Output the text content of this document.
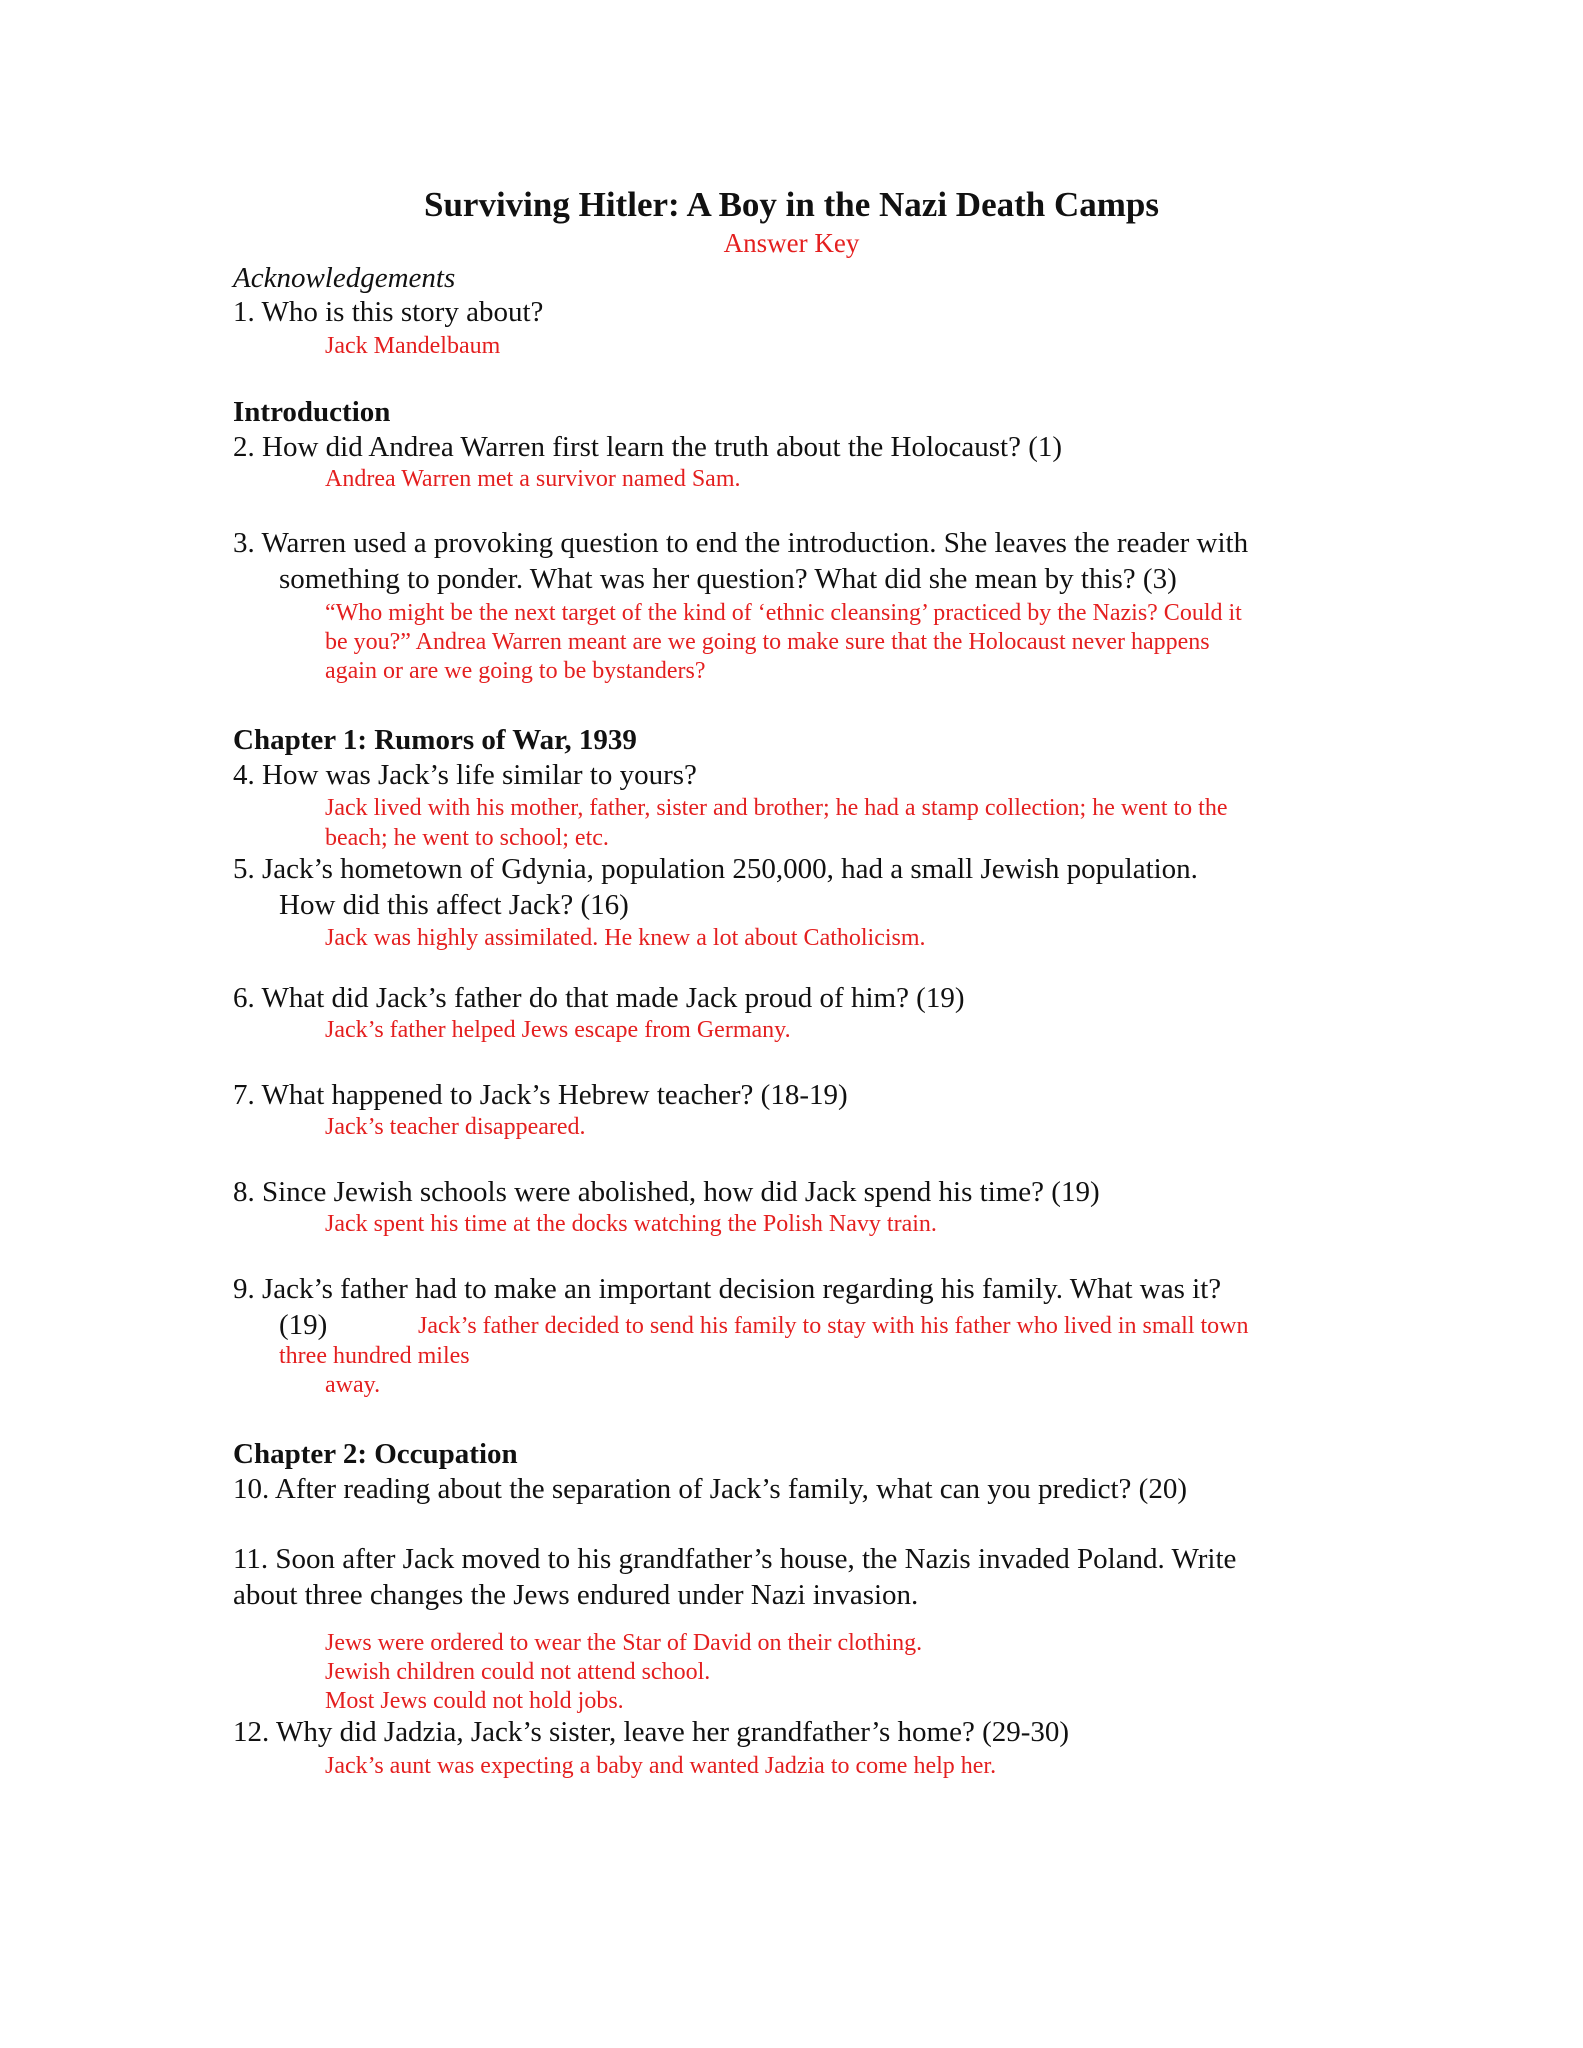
Surviving Hitler: A Boy in the Nazi Death Camps
Answer Key
Acknowledgements
1. Who is this story about?
Jack Mandelbaum
Introduction
2. How did Andrea Warren first learn the truth about the Holocaust? (1)
Andrea Warren met a survivor named Sam.
3. Warren used a provoking question to end the introduction. She leaves the reader with
something to ponder. What was her question? What did she mean by this? (3)
“Who might be the next target of the kind of ‘ethnic cleansing’ practiced by the Nazis? Could it
be you?” Andrea Warren meant are we going to make sure that the Holocaust never happens
again or are we going to be bystanders?
Chapter 1: Rumors of War, 1939
4. How was Jack’s life similar to yours?
Jack lived with his mother, father, sister and brother; he had a stamp collection; he went to the
beach; he went to school; etc.
5. Jack’s hometown of Gdynia, population 250,000, had a small Jewish population.
How did this affect Jack? (16)
Jack was highly assimilated. He knew a lot about Catholicism.
6. What did Jack’s father do that made Jack proud of him? (19)
Jack’s father helped Jews escape from Germany.
7. What happened to Jack’s Hebrew teacher? (18-19)
Jack’s teacher disappeared.
8. Since Jewish schools were abolished, how did Jack spend his time? (19)
Jack spent his time at the docks watching the Polish Navy train.
9. Jack’s father had to make an important decision regarding his family. What was it?
(19)	Jack’s father decided to send his family to stay with his father who lived in small town
three hundred miles
away.
Chapter 2: Occupation
10. After reading about the separation of Jack’s family, what can you predict? (20)
11. Soon after Jack moved to his grandfather’s house, the Nazis invaded Poland. Write
about three changes the Jews endured under Nazi invasion.
Jews were ordered to wear the Star of David on their clothing.
Jewish children could not attend school.
Most Jews could not hold jobs.
12. Why did Jadzia, Jack’s sister, leave her grandfather’s home? (29-30)
Jack’s aunt was expecting a baby and wanted Jadzia to come help her.
